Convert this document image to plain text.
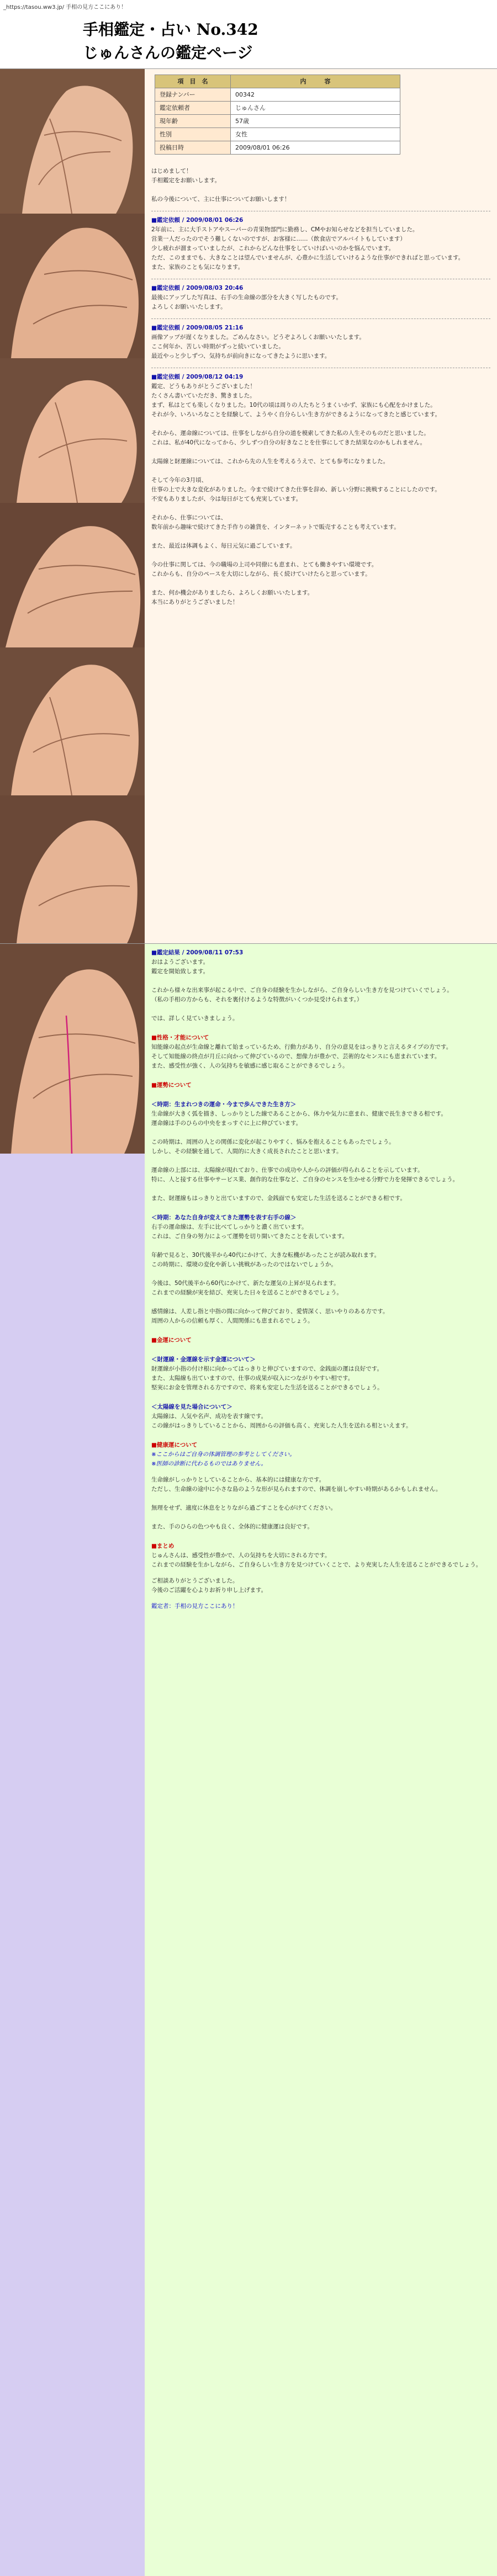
_https://tasou.ww3.jp/ 手相の見方ここにあり！
手相鑑定・占い No.342
じゅんさんの鑑定ページ
項　目　名	内　　　容
登録ナンバー	00342
鑑定依頼者	じゅんさん
現年齢	57歳
性別	女性
投稿日時	2009/08/01 06:26
はじめまして！
手相鑑定をお願いします。

私の今後について、主に仕事についてお願いします！
■鑑定依頼 / 2009/08/01 06:26
2年前に、主に大手ストアやスーパーの青果物部門に勤務し、CMやお知らせなどを担当していました。
営業一人だったのでそう難しくないのですが、お客様に……（飲食店でアルバイトもしています）
少し疲れが溜まっていましたが、これからどんな仕事をしていけばいいのかを悩んでいます。
ただ、このままでも、大きなことは望んでいませんが、心豊かに生活していけるような仕事ができればと思っています。
また、家族のことも気になります。
■鑑定依頼 / 2009/08/03 20:46
最後にアップした写真は、右手の生命線の部分を大きく写したものです。
よろしくお願いいたします。
■鑑定依頼 / 2009/08/05 21:16
画像アップが遅くなりました。ごめんなさい。どうぞよろしくお願いいたします。
ここ何年か、苦しい時期がずっと続いていました。
最近やっと少しずつ、気持ちが前向きになってきたように思います。
■鑑定依頼 / 2009/08/12 04:19
鑑定、どうもありがとうございました！
たくさん書いていただき、驚きました。
まず、私はとても楽しくなりました。10代の頃は周りの人たちとうまくいかず、家族にも心配をかけました。
それが今、いろいろなことを経験して、ようやく自分らしい生き方ができるようになってきたと感じています。

それから、運命線については、仕事をしながら自分の道を模索してきた私の人生そのものだと思いました。
これは、私が40代になってから、少しずつ自分の好きなことを仕事にしてきた結果なのかもしれません。

太陽線と財運線については、これから先の人生を考えるうえで、とても参考になりました。

そして今年の3月頃、
仕事の上で大きな変化がありました。今まで続けてきた仕事を辞め、新しい分野に挑戦することにしたのです。
不安もありましたが、今は毎日がとても充実しています。

それから、仕事については、
数年前から趣味で続けてきた手作りの雑貨を、インターネットで販売することも考えています。

また、最近は体調もよく、毎日元気に過ごしています。

今の仕事に関しては、今の職場の上司や同僚にも恵まれ、とても働きやすい環境です。
これからも、自分のペースを大切にしながら、長く続けていけたらと思っています。

また、何か機会がありましたら、よろしくお願いいたします。
本当にありがとうございました！
■鑑定結果 / 2009/08/11 07:53
おはようございます。
鑑定を開始致します。

これから様々な出来事が起こる中で、ご自身の経験を生かしながら、ご自身らしい生き方を見つけていくでしょう。
（私の手相の方からも、それを裏付けるような特徴がいくつか見受けられます。）

では、詳しく見ていきましょう。
■性格・才能について
知能線の起点が生命線と離れて始まっているため、行動力があり、自分の意見をはっきりと言えるタイプの方です。
そして知能線の終点が月丘に向かって伸びているので、想像力が豊かで、芸術的なセンスにも恵まれています。
また、感受性が強く、人の気持ちを敏感に感じ取ることができるでしょう。
■運勢について
＜時期：生まれつきの運命・今まで歩んできた生き方＞
生命線が大きく弧を描き、しっかりとした線であることから、体力や気力に恵まれ、健康で長生きできる相です。
運命線は手のひらの中央をまっすぐに上に伸びています。

この時期は、周囲の人との関係に変化が起こりやすく、悩みを抱えることもあったでしょう。
しかし、その経験を通して、人間的に大きく成長されたことと思います。

運命線の上部には、太陽線が現れており、仕事での成功や人からの評価が得られることを示しています。
特に、人と接する仕事やサービス業、創作的な仕事など、ご自身のセンスを生かせる分野で力を発揮できるでしょう。

また、財運線もはっきりと出ていますので、金銭面でも安定した生活を送ることができる相です。
＜時期：あなた自身が変えてきた運勢を表す右手の線＞
右手の運命線は、左手に比べてしっかりと濃く出ています。
これは、ご自身の努力によって運勢を切り開いてきたことを表しています。

年齢で見ると、30代後半から40代にかけて、大きな転機があったことが読み取れます。
この時期に、環境の変化や新しい挑戦があったのではないでしょうか。

今後は、50代後半から60代にかけて、新たな運気の上昇が見られます。
これまでの経験が実を結び、充実した日々を送ることができるでしょう。

感情線は、人差し指と中指の間に向かって伸びており、愛情深く、思いやりのある方です。
周囲の人からの信頼も厚く、人間関係にも恵まれるでしょう。
■金運について
＜財運線・金運線を示す金運について＞
財運線が小指の付け根に向かってはっきりと伸びていますので、金銭面の運は良好です。
また、太陽線も出ていますので、仕事の成果が収入につながりやすい相です。
堅実にお金を管理される方ですので、将来も安定した生活を送ることができるでしょう。
＜太陽線を見た場合について＞
太陽線は、人気や名声、成功を表す線です。
この線がはっきりしていることから、周囲からの評価も高く、充実した人生を送れる相といえます。
■健康運について
※ここからはご自身の体調管理の参考としてください。
※医師の診断に代わるものではありません。
生命線がしっかりとしていることから、基本的には健康な方です。
ただし、生命線の途中に小さな島のような形が見られますので、体調を崩しやすい時期があるかもしれません。

無理をせず、適度に休息をとりながら過ごすことを心がけてください。

また、手のひらの色つやも良く、全体的に健康運は良好です。
■まとめ
じゅんさんは、感受性が豊かで、人の気持ちを大切にされる方です。
これまでの経験を生かしながら、ご自身らしい生き方を見つけていくことで、より充実した人生を送ることができるでしょう。
ご相談ありがとうございました。
今後のご活躍を心よりお祈り申し上げます。
鑑定者：手相の見方ここにあり！
